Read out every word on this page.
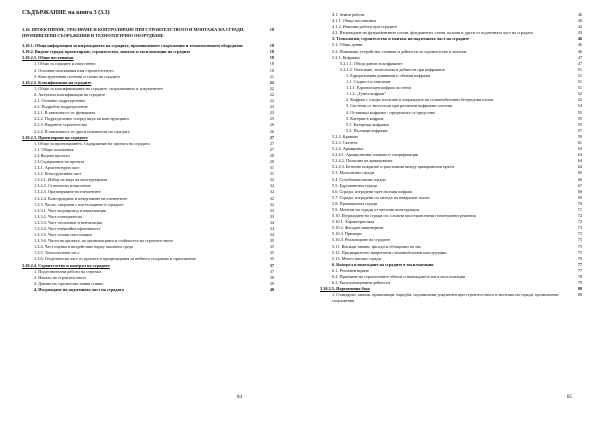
СЪДЪРЖАНИЕ на книга 3 (3.3)
3.10. ПРОЕКТИРАНЕ, ТРАСИРАНЕ И КОНТРОЛИРАНЕ ПРИ СТРОИТЕЛСТВОТО И МОНТАЖА НА СГРАДИ. ПРОМИШЛЕНИ СЪОРЪЖЕНИЯ И ТЕХНОЛОГИЧНО ОБОРУДВАНЕ
18
3.10.1. Обща информация за изграждането на сградите, промишлените съоръжения и технологичното оборудване	18
3.10.2. Видове сгради, проектиране, строителство, монтаж и експлоатация на сградите	18
3.10.2.1. Общи постановки	18
1. Общо за сградите и изкуствено	18
2. Основни изисквания към строителството	18
3. Конструктивни системи и схеми на сградите	21
3.10.2.2. Класификация на сградите	22
1. Общо за класификацията на сградите, съоръженията и документите	22
2. Актуална класификация на сградите	22
2.1. Основно подразделение	22
2.2. Подробно подразделение	23
2.2.1. В зависимост от функцията	23
2.2.2. Подразделение според вида на конструкцията	25
2.2.3. Видовете строителство	26
2.2.4. В зависимост от други показатели на сградите	26
3.10.2.3. Проектиране на сградите	27
1. Общо за проектирането. Съдържание на проекта на сградата	27
1.1. Общи положения	27
1.2.Видове проекти	28
1.3.Съдържание на проекта	28
1.3.1. Архитектурна част	31
1.3.2. Конструктивна част	31
1.3.2.1. Избор на вида на конструкцията	32
1.3.2.2. Статическо изчисление	32
1.3.2.3. Оразмеряване на елементите	32
1.3.2.4. Конструиране и изчертаване на елементите	32
1.3.3. Части, свързани с инсталациите в сградите	32
1.3.3.1. Част водопровод и канализация	33
1.3.3.2. Част електрическа	33
1.3.3.3. Част отопление и вентилация	34
1.3.3.4. Част енергийна ефективност	34
1.3.3.5. Част газови инсталации	34
1.3.3.6. Части на проекта, по организацията и стойността на строителството	35
1.3.4. Част оценка в въздействие върху околната среда	35
1.3.5. Технологична част	35
1.3.6. Геодезическа част от проекта и предвиждания за нейното създаване и приложение	35
3.10.2.4. Строителство и контрол на сградите	37
1. Подготвителни работи на строежа	37
2. Начало на строителството	38
3. Даване на строителна линия и ниво	39
4. Изграждане на подземната част на сградата	40
84
4.1. Земни работи	40
4.1.1. Общи постановки	40
4.1.2. Изкопни работи при сградите	42
4.2. Изграждане на фундаментните плочи, фундаменти, стени, колони и други от подземната част на сградата	43
5. Технологии, строителство и монтаж на надземната част на сградите	46
5.1. Общи данни	46
5.2. Поминаци устройства, техника и дейности за строителство и монтаж	46
5.2.1. Кофражи	47
5.2.1.1. Общи данни за кофражите	47
5.2.1.2. Описание, технология и дейности при кофражите	51
1. Едроразмерни равнинни и обемни кофражи	51
1.1. Съдност и описание	51
1.1.1. Едроплощен кофраж за стени	51
1.1.2. „Тунел-кофраж”	52
2. Кофраж с гладко плъзгане и изграждане на стоманобетонни безгредови плочи	52
3. Системи от тип-плочи при различни кофражни системи	54
4. Оставащи кофражи - предпочита се представа	55
5. Катерни в кофраж	55
5.1. Катерещи кофражи	55
5.2. Пълзящи кофражи	57
5.2.2. Кранове	59
5.2.3. Скелета	61
5.2.4. Армировка	63
5.2.4.1. Армировъчни планове и спецификации	63
5.2.4.2. Полагане на армировката	64
5.2.4.3. Бетонно покритие и разстояния между армировъчни пръти	64
5.3. Монолитни сгради	65
5.4. Сглобемонолитни сгради	66
5.5. Едропанелни сгради	67
5.6. Сгради, изградени чрез пълзящ кофраж	68
5.7. Сгради, изградени по метода на повдигане плочи	69
5.8. Промишлени сгради	70
5.9. Монтаж на сгради от метални конструкции	71
5.10. Изграждане на сгради със сложни пространствени геометрични решения	72
5.10.1. Характеристика	72
5.10.2. Фасаден инженеринг	73
5.10.3. Примери	73
5.10.4. Реализиране на сградите	75
5.11. Висящи тавани, фасади и облицовки на тях	75
5.12. Предварително напрегнати стоманобетонни конструкции	75
5.13. Много високи сгради	76
6. Контрол и въвеждане на сградите в експлоатация	77
6.1. Регламентиране	77
6.2. Приемане на строителните обекти и въвеждането им в експлоатация	78
6.3. Експлоатационни дейности	79
3.10.2.5. Нормативна база	80
1. Стандарти, закони, правилници, наредби, подзаконови документи при строителството и монтажа на сгради, промишлени съоръжения
80
85
